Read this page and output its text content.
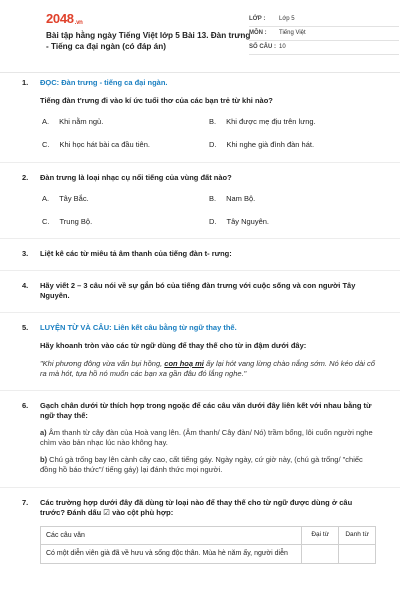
2048.vn
Bài tập hằng ngày Tiếng Việt lớp 5 Bài 13. Đàn trưng - Tiếng ca đại ngàn (có đáp án)
LỚP :	Lớp 5
MÔN :	Tiếng Việt
SỐ CÂU : 10
1. ĐỌC: Đàn trưng - tiếng ca đại ngàn.
Tiếng đàn t'rưng đi vào kí ức tuổi thơ của các bạn trẻ từ khi nào?
A. Khi nằm ngủ.	B. Khi được mẹ địu trên lưng.
C. Khi học hát bài ca đầu tiên.	D. Khi nghe già đình đàn hát.
2. Đàn trưng là loại nhạc cụ nổi tiếng của vùng đất nào?
A. Tây Bắc.	B. Nam Bộ.
C. Trung Bộ.	D. Tây Nguyên.
3. Liệt kê các từ miêu tả âm thanh của tiếng đàn t- rưng:
4. Hãy viết 2 – 3 câu nói về sự gắn bó của tiếng đàn trưng với cuộc sống và con người Tây Nguyên.
5. LUYỆN TỪ VÀ CÂU: Liên kết câu bằng từ ngữ thay thế.
Hãy khoanh tròn vào các từ ngữ dùng để thay thế cho từ in đậm dưới đây:
"Khi phương đông vừa vẩn bụi hồng, con hoạ mi ấy lại hót vang lừng chào nắng sớm. Nó kéo dài cổ ra mà hót, tựa hồ nó muốn các bạn xa gần đâu đó lắng nghe."
6. Gạch chân dưới từ thích hợp trong ngoặc để các câu văn dưới đây liên kết với nhau bằng từ ngữ thay thế:
a) Âm thanh từ cây đàn của Hoà vang lên. (Âm thanh/ Cây đàn/ Nó) trầm bổng, lôi cuốn người nghe chìm vào bản nhạc lúc nào không hay.
b) Chú gà trống bay lên cành cây cao, cất tiếng gáy. Ngày ngày, cứ giờ này, (chú gà trống/ "chiếc đồng hồ báo thức"/ tiếng gáy) lại đánh thức mọi người.
7. Các trường hợp dưới đây đã dùng từ loại nào để thay thế cho từ ngữ được dùng ở câu trước? Đánh dấu ☑ vào cột phù hợp:
Các câu văn	Đại từ	Danh từ
Có một diễn viên già đã về hưu và sống độc thân. Mùa hè năm ấy, người diễn		
